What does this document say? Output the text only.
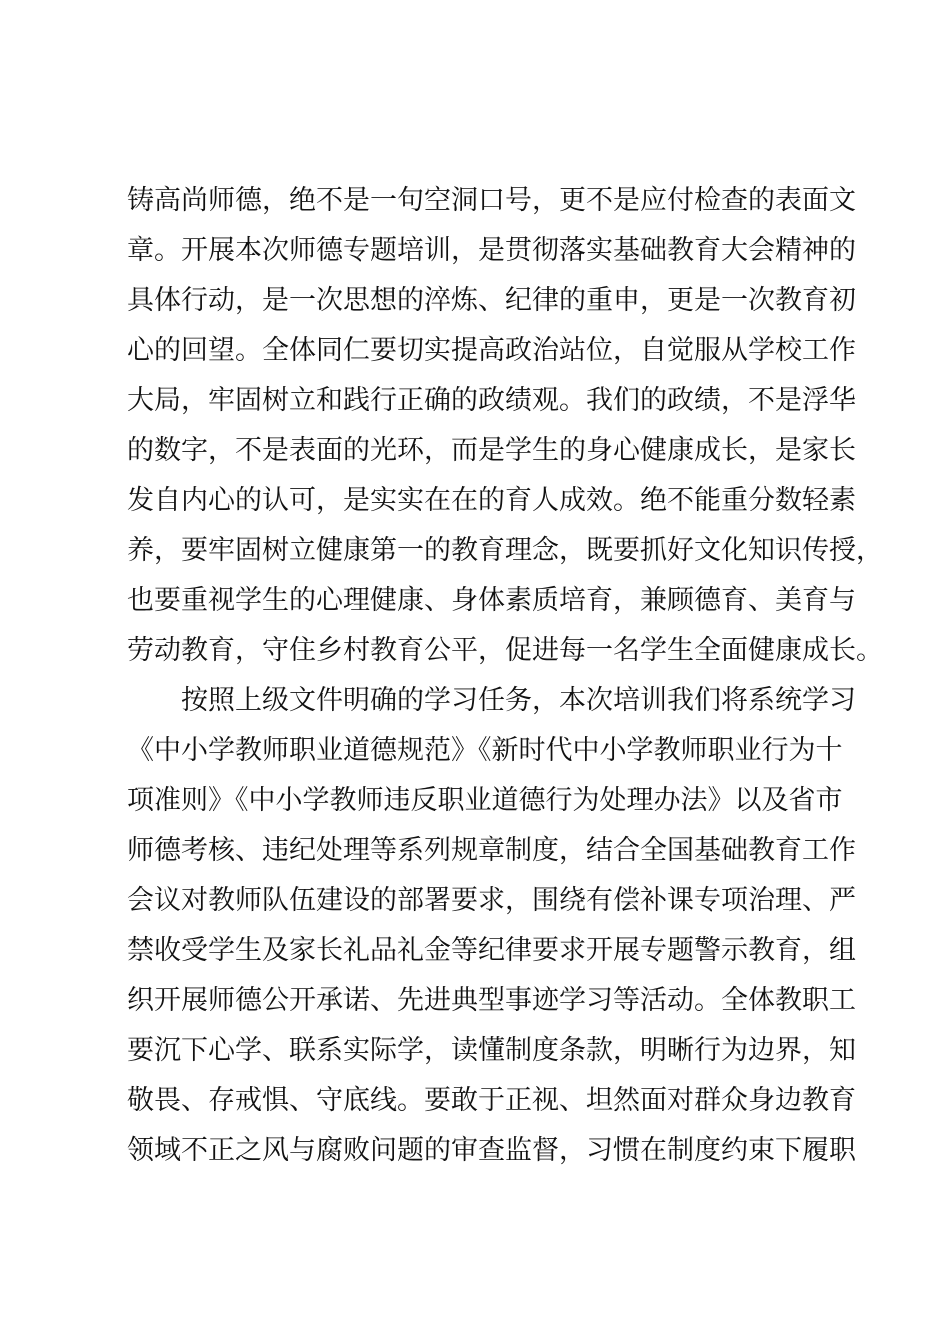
铸高尚师德，绝不是一句空洞口号，更不是应付检查的表面文
章。开展本次师德专题培训，是贯彻落实基础教育大会精神的
具体行动，是一次思想的淬炼、纪律的重申，更是一次教育初
心的回望。全体同仁要切实提高政治站位，自觉服从学校工作
大局，牢固树立和践行正确的政绩观。我们的政绩，不是浮华
的数字，不是表面的光环，而是学生的身心健康成长，是家长
发自内心的认可，是实实在在的育人成效。绝不能重分数轻素
养，要牢固树立健康第一的教育理念，既要抓好文化知识传授，
也要重视学生的心理健康、身体素质培育，兼顾德育、美育与
劳动教育，守住乡村教育公平，促进每一名学生全面健康成长。
按照上级文件明确的学习任务，本次培训我们将系统学习
《中小学教师职业道德规范》《新时代中小学教师职业行为十
项准则》《中小学教师违反职业道德行为处理办法》以及省市
师德考核、违纪处理等系列规章制度，结合全国基础教育工作
会议对教师队伍建设的部署要求，围绕有偿补课专项治理、严
禁收受学生及家长礼品礼金等纪律要求开展专题警示教育，组
织开展师德公开承诺、先进典型事迹学习等活动。全体教职工
要沉下心学、联系实际学，读懂制度条款，明晰行为边界，知
敬畏、存戒惧、守底线。要敢于正视、坦然面对群众身边教育
领域不正之风与腐败问题的审查监督，习惯在制度约束下履职
